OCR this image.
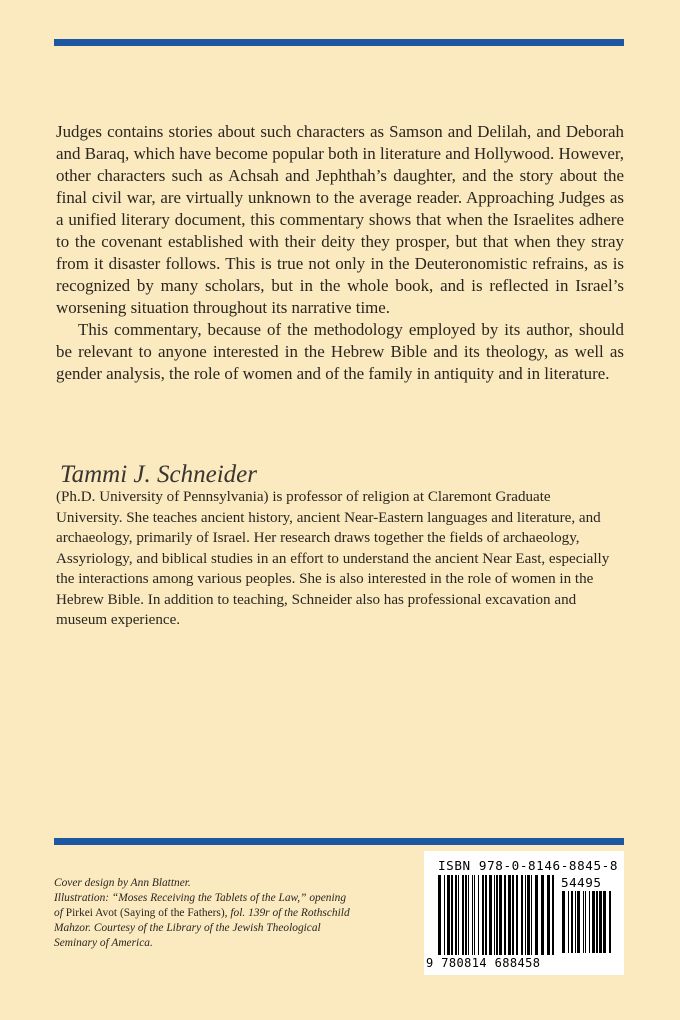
Judges contains stories about such characters as Samson and Delilah, and Deborah and Baraq, which have become popular both in literature and Hollywood. However, other characters such as Achsah and Jephthah’s daughter, and the story about the final civil war, are virtually unknown to the average reader. Approaching Judges as a unified literary document, this commentary shows that when the Israelites adhere to the covenant established with their deity they prosper, but that when they stray from it disaster follows. This is true not only in the Deuteronomistic refrains, as is recognized by many scholars, but in the whole book, and is reflected in Israel’s worsening situation throughout its narrative time.

This commentary, because of the methodology employed by its author, should be relevant to anyone interested in the Hebrew Bible and its theology, as well as gender analysis, the role of women and of the family in antiquity and in literature.

Tammi J. Schneider
(Ph.D. University of Pennsylvania) is professor of religion at Claremont Graduate University. She teaches ancient history, ancient Near-Eastern languages and literature, and archaeology, primarily of Israel. Her research draws together the fields of archaeology, Assyriology, and biblical studies in an effort to understand the ancient Near East, especially the interactions among various peoples. She is also interested in the role of women in the Hebrew Bible. In addition to teaching, Schneider also has professional excavation and museum experience.
Cover design by Ann Blattner.
Illustration: “Moses Receiving the Tablets of the Law,” opening of Pirkei Avot (Saying of the Fathers), fol. 139r of the Rothschild Mahzor. Courtesy of the Library of the Jewish Theological Seminary of America.
ISBN 978-0-8146-8845-8
54495
9 780814 688458
